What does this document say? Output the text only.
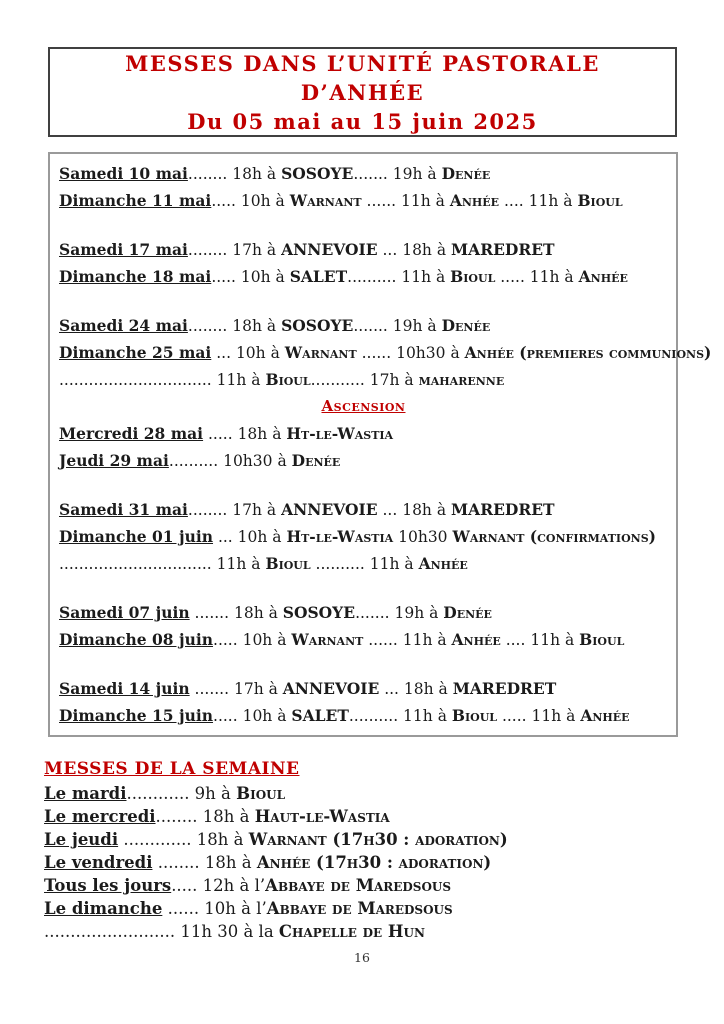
MESSES DANS L’UNITÉ PASTORALE
D’ANHÉE
Du 05 mai au 15 juin 2025
Samedi 10 mai........ 18h à SOSOYE....... 19h à Denée
Dimanche 11 mai..... 10h à Warnant ...... 11h à Anhée .... 11h à Bioul
Samedi 17 mai........ 17h à ANNEVOIE ... 18h à MAREDRET
Dimanche 18 mai..... 10h à SALET.......... 11h à Bioul ..... 11h à Anhée
Samedi 24 mai........ 18h à SOSOYE....... 19h à Denée
Dimanche 25 mai ... 10h à Warnant ...... 10h30 à Anhée (premieres communions)
............................... 11h à Bioul........... 17h à maharenne
Ascension
Mercredi 28 mai ..... 18h à Ht-le-Wastia
Jeudi 29 mai.......... 10h30 à Denée
Samedi 31 mai........ 17h à ANNEVOIE ... 18h à MAREDRET
Dimanche 01 juin ... 10h à Ht-le-Wastia 10h30 Warnant (confirmations)
............................... 11h à Bioul .......... 11h à Anhée
Samedi 07 juin ....... 18h à SOSOYE....... 19h à Denée
Dimanche 08 juin..... 10h à Warnant ...... 11h à Anhée .... 11h à Bioul
Samedi 14 juin ....... 17h à ANNEVOIE ... 18h à MAREDRET
Dimanche 15 juin..... 10h à SALET.......... 11h à Bioul ..... 11h à Anhée
MESSES DE LA SEMAINE
Le mardi............ 9h à Bioul
Le mercredi........ 18h à Haut-le-Wastia
Le jeudi ............. 18h à Warnant (17h30 : adoration)
Le vendredi ........ 18h à Anhée (17h30 : adoration)
Tous les jours..... 12h à l’Abbaye de Maredsous
Le dimanche ...... 10h à l’Abbaye de Maredsous
......................... 11h 30 à la Chapelle de Hun
16
